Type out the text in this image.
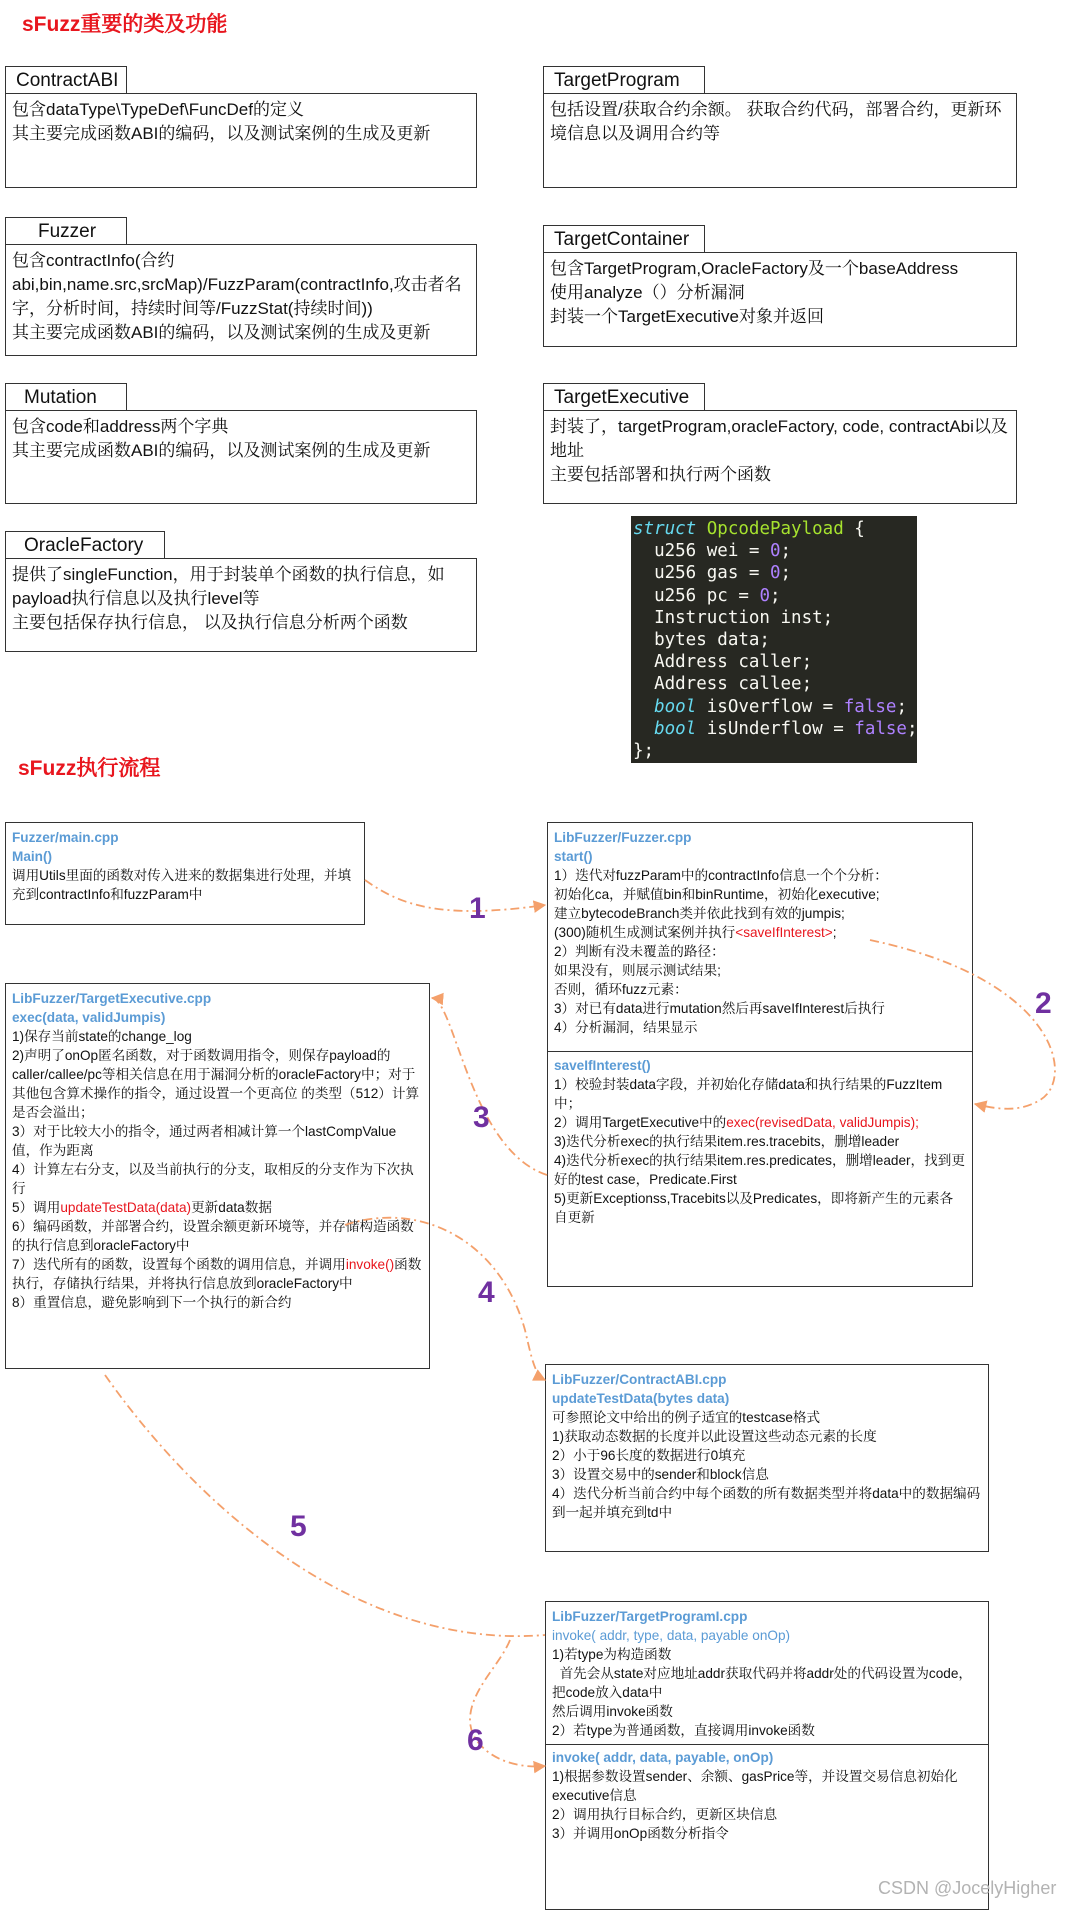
sFuzz重要的类及功能
sFuzz执行流程
ContractABI
包含dataType\TypeDef\FuncDef的定义
其主要完成函数ABI的编码，以及测试案例的生成及更新
Fuzzer
包含contractInfo(合约abi,bin,name.src,srcMap)/FuzzParam(contractInfo,攻击者名字，分析时间，持续时间等/FuzzStat(持续时间))
其主要完成函数ABI的编码，以及测试案例的生成及更新
Mutation
包含code和address两个字典
其主要完成函数ABI的编码，以及测试案例的生成及更新
OracleFactory
提供了singleFunction，用于封装单个函数的执行信息，如payload执行信息以及执行level等
主要包括保存执行信息， 以及执行信息分析两个函数
TargetProgram
包括设置/获取合约余额。 获取合约代码，部署合约，更新环境信息以及调用合约等
TargetContainer
包含TargetProgram,OracleFactory及一个baseAddress
使用analyze（）分析漏洞
封装一个TargetExecutive对象并返回
TargetExecutive
封装了，targetProgram,oracleFactory, code, contractAbi以及地址
主要包括部署和执行两个函数
struct OpcodePayload {
u256 wei = 0;
u256 gas = 0;
u256 pc = 0;
Instruction inst;
bytes data;
Address caller;
Address callee;
bool isOverflow = false;
bool isUnderflow = false;
};
Fuzzer/main.cpp
Main()
调用Utils里面的函数对传入进来的数据集进行处理，并填充到contractInfo和fuzzParam中
LibFuzzer/Fuzzer.cpp
start()
1）迭代对fuzzParam中的contractInfo信息一个个分析：
初始化ca，并赋值bin和binRuntime，初始化executive;
建立bytecodeBranch类并依此找到有效的jumpis;
(300)随机生成测试案例并执行<saveIfInterest>;
2）判断有没未覆盖的路径：
如果没有，则展示测试结果;
否则，循环fuzz元素：
3）对已有data进行mutation然后再saveIfInterest后执行
4）分析漏洞，结果显示
saveIfInterest()
1）校验封装data字段，并初始化存储data和执行结果的FuzzItem中；
2）调用TargetExecutive中的exec(revisedData, validJumpis);
3)迭代分析exec的执行结果item.res.tracebits，删增leader
4)迭代分析exec的执行结果item.res.predicates，删增leader，找到更好的test case，Predicate.First
5)更新Exceptionss,Tracebits以及Predicates，即将新产生的元素各自更新
LibFuzzer/TargetExecutive.cpp
exec(data, validJumpis)
1)保存当前state的change_log
2)声明了onOp匿名函数，对于函数调用指令，则保存payload的caller/callee/pc等相关信息在用于漏洞分析的oracleFactory中；对于其他包含算术操作的指令，通过设置一个更高位 的类型（512）计算是否会溢出；
3）对于比较大小的指令，通过两者相减计算一个lastCompValue值，作为距离
4）计算左右分支，以及当前执行的分支，取相反的分支作为下次执行
5）调用updateTestData(data)更新data数据
6）编码函数，并部署合约，设置余额更新环境等，并存储构造函数的执行信息到oracleFactory中
7）迭代所有的函数，设置每个函数的调用信息，并调用invoke()函数执行，存储执行结果，并将执行信息放到oracleFactory中
8）重置信息，避免影响到下一个执行的新合约
LibFuzzer/ContractABI.cpp
updateTestData(bytes data)
可参照论文中给出的例子适宜的testcase格式
1)获取动态数据的长度并以此设置这些动态元素的长度
2）小于96长度的数据进行0填充
3）设置交易中的sender和block信息
4）迭代分析当前合约中每个函数的所有数据类型并将data中的数据编码到一起并填充到td中
LibFuzzer/TargetProgramI.cpp
invoke( addr, type, data, payable onOp)
1)若type为构造函数
首先会从state对应地址addr获取代码并将addr处的代码设置为code，把code放入data中
然后调用invoke函数
2）若type为普通函数，直接调用invoke函数
invoke( addr, data, payable, onOp)
1)根据参数设置sender、余额、gasPrice等，并设置交易信息初始化executive信息
2）调用执行目标合约，更新区块信息
3）并调用onOp函数分析指令
1
2
3
4
5
6
CSDN @JocelyHigher
